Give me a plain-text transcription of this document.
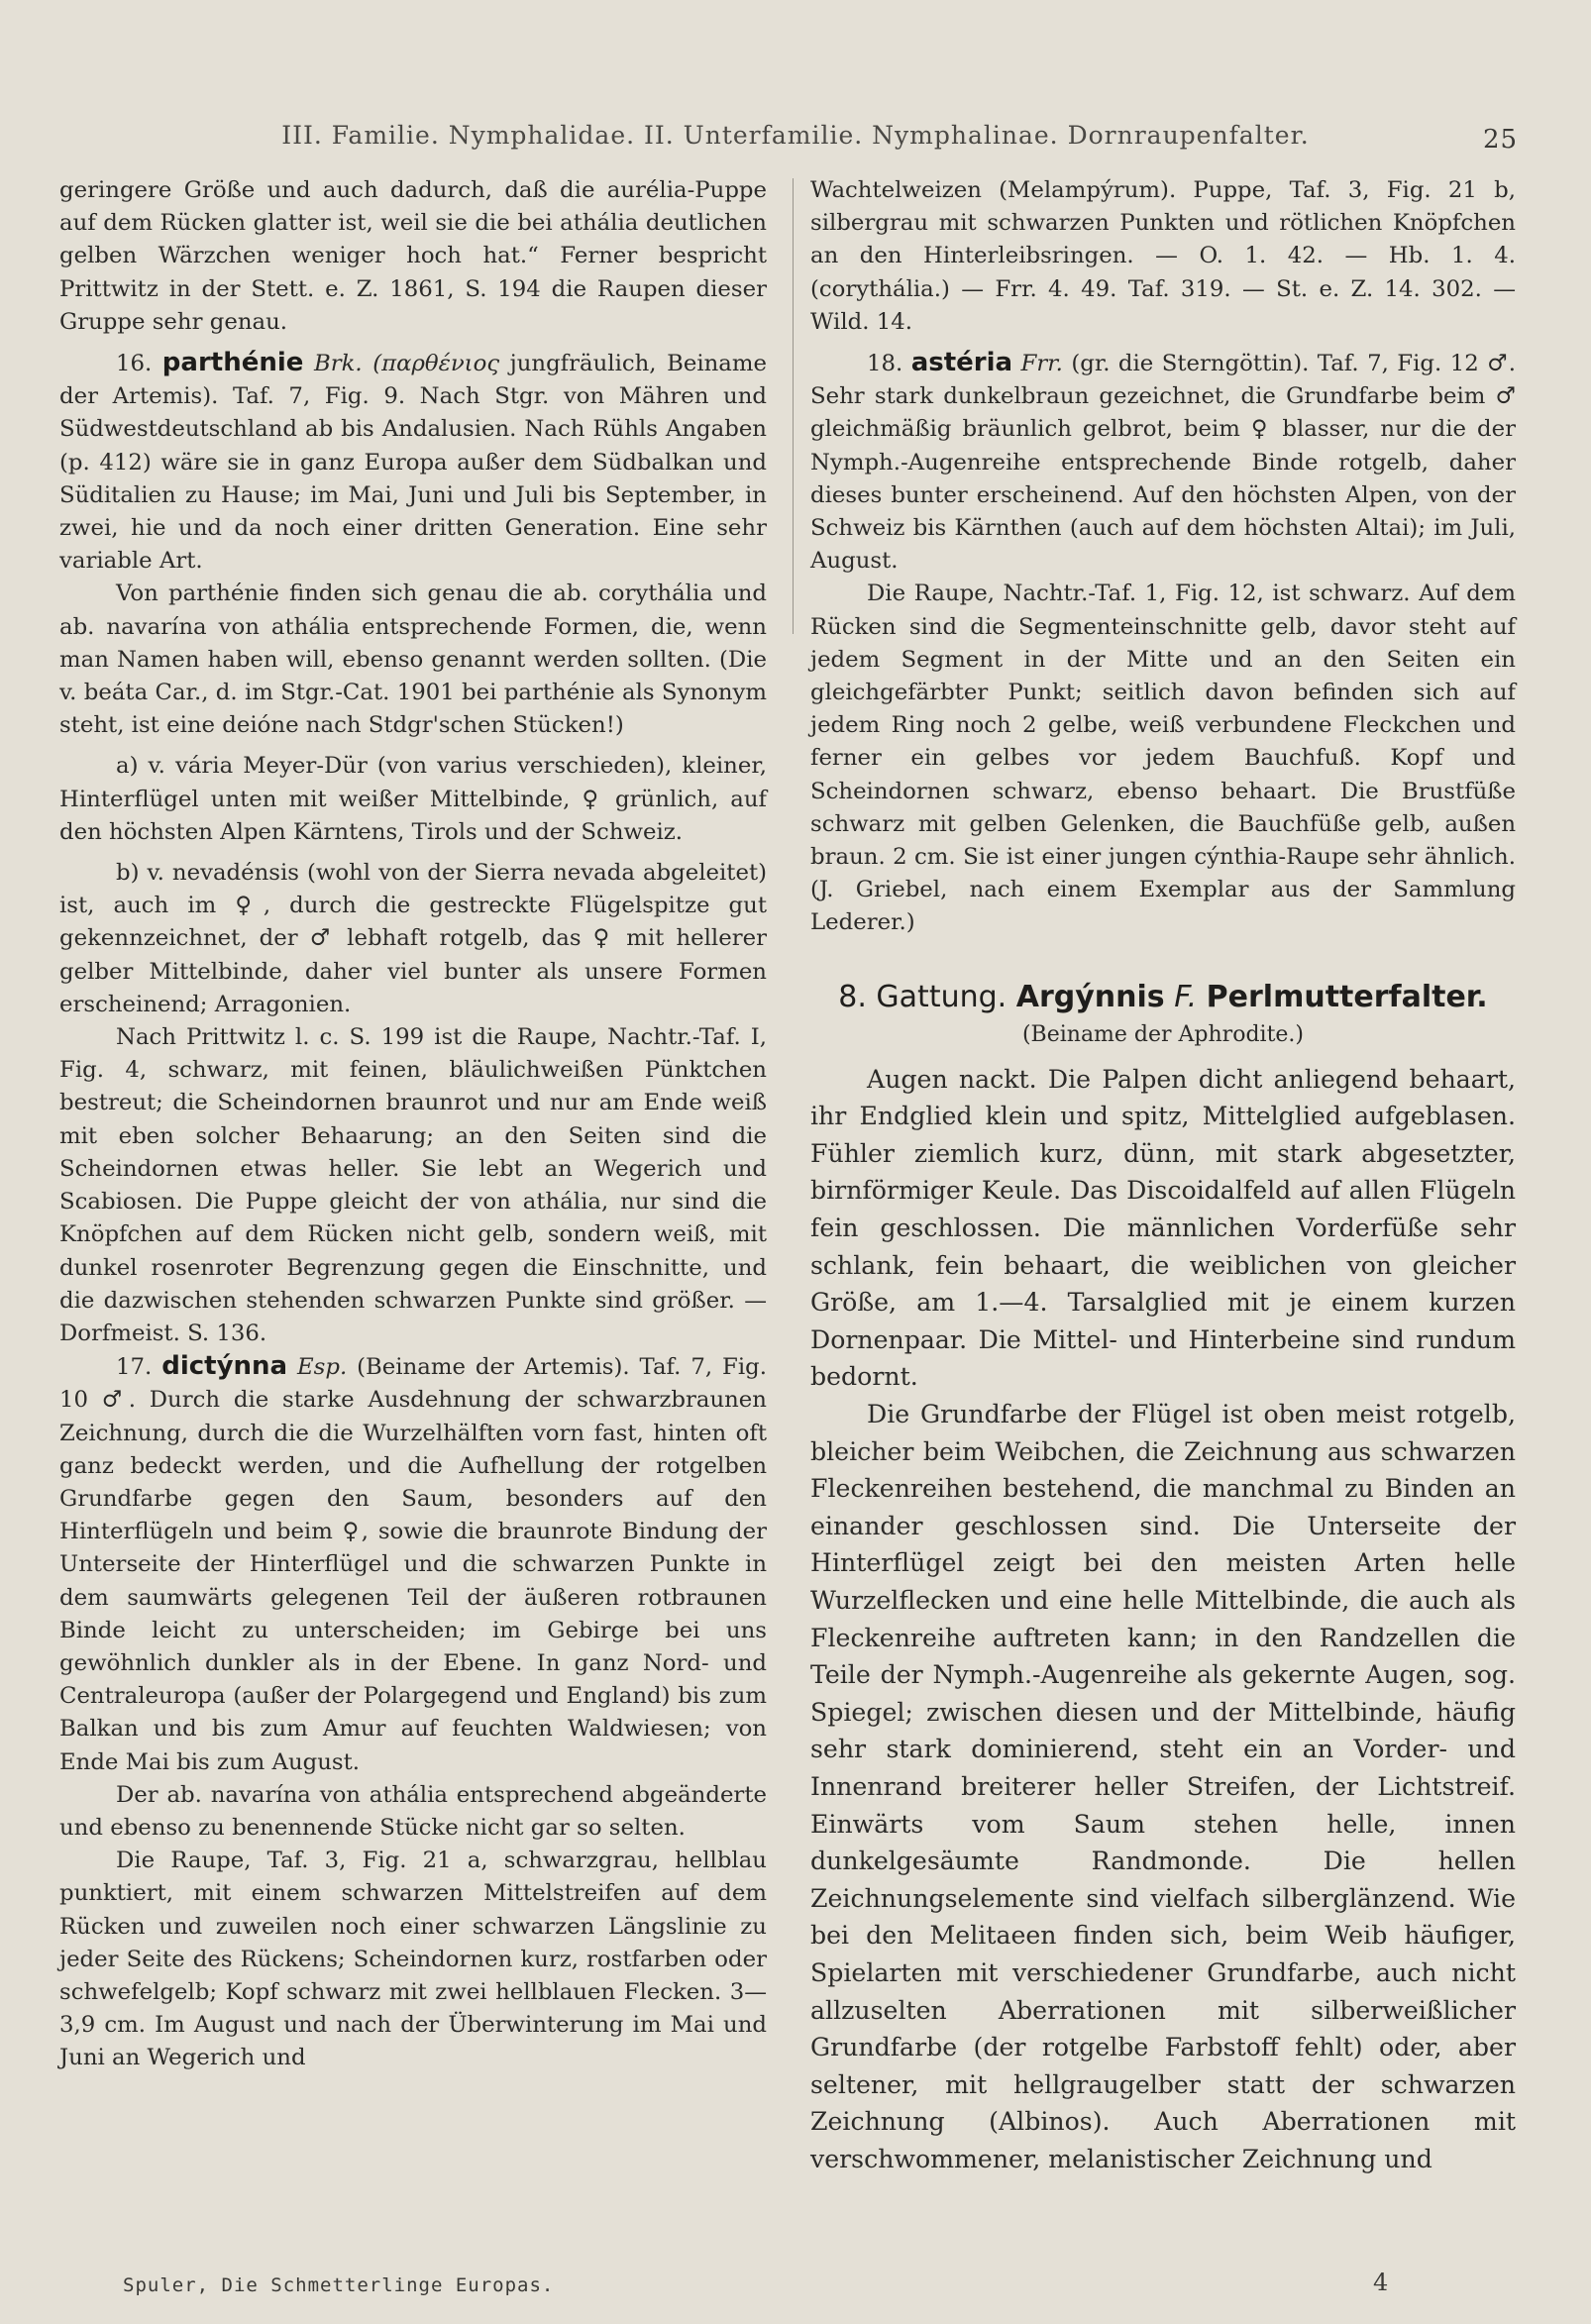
III. Familie. Nymphalidae. II. Unterfamilie. Nymphalinae. Dornraupenfalter.	25

geringere Größe und auch dadurch, daß die aurélia-Puppe auf dem Rücken glatter ist, weil sie die bei athália deutlichen gelben Wärzchen weniger hoch hat.“ Ferner bespricht Prittwitz in der Stett. e. Z. 1861, S. 194 die Raupen dieser Gruppe sehr genau.

16. parthénie Brk. (παρθένιος jungfräulich, Beiname der Artemis). Taf. 7, Fig. 9. Nach Stgr. von Mähren und Südwestdeutschland ab bis Andalusien. Nach Rühls Angaben (p. 412) wäre sie in ganz Europa außer dem Südbalkan und Süditalien zu Hause; im Mai, Juni und Juli bis September, in zwei, hie und da noch einer dritten Generation. Eine sehr variable Art.

Von parthénie finden sich genau die ab. corythália und ab. navarína von athália entsprechende Formen, die, wenn man Namen haben will, ebenso genannt werden sollten. (Die v. beáta Car., d. im Stgr.-Cat. 1901 bei parthénie als Synonym steht, ist eine deióne nach Stdgr'schen Stücken!)

a) v. vária Meyer-Dür (von varius verschieden), kleiner, Hinterflügel unten mit weißer Mittelbinde, ♀ grünlich, auf den höchsten Alpen Kärntens, Tirols und der Schweiz.

b) v. nevadénsis (wohl von der Sierra nevada abgeleitet) ist, auch im ♀, durch die gestreckte Flügelspitze gut gekennzeichnet, der ♂ lebhaft rotgelb, das ♀ mit hellerer gelber Mittelbinde, daher viel bunter als unsere Formen erscheinend; Arragonien.

Nach Prittwitz l. c. S. 199 ist die Raupe, Nachtr.-Taf. I, Fig. 4, schwarz, mit feinen, bläulichweißen Pünktchen bestreut; die Scheindornen braunrot und nur am Ende weiß mit eben solcher Behaarung; an den Seiten sind die Scheindornen etwas heller. Sie lebt an Wegerich und Scabiosen. Die Puppe gleicht der von athália, nur sind die Knöpfchen auf dem Rücken nicht gelb, sondern weiß, mit dunkel rosenroter Begrenzung gegen die Einschnitte, und die dazwischen stehenden schwarzen Punkte sind größer. — Dorfmeist. S. 136.

17. dictýnna Esp. (Beiname der Artemis). Taf. 7, Fig. 10 ♂. Durch die starke Ausdehnung der schwarzbraunen Zeichnung, durch die die Wurzelhälften vorn fast, hinten oft ganz bedeckt werden, und die Aufhellung der rotgelben Grundfarbe gegen den Saum, besonders auf den Hinterflügeln und beim ♀, sowie die braunrote Bindung der Unterseite der Hinterflügel und die schwarzen Punkte in dem saumwärts gelegenen Teil der äußeren rotbraunen Binde leicht zu unterscheiden; im Gebirge bei uns gewöhnlich dunkler als in der Ebene. In ganz Nord- und Centraleuropa (außer der Polargegend und England) bis zum Balkan und bis zum Amur auf feuchten Waldwiesen; von Ende Mai bis zum August.

Der ab. navarína von athália entsprechend abgeänderte und ebenso zu benennende Stücke nicht gar so selten.

Die Raupe, Taf. 3, Fig. 21 a, schwarzgrau, hellblau punktiert, mit einem schwarzen Mittelstreifen auf dem Rücken und zuweilen noch einer schwarzen Längslinie zu jeder Seite des Rückens; Scheindornen kurz, rostfarben oder schwefelgelb; Kopf schwarz mit zwei hellblauen Flecken. 3—3,9 cm. Im August und nach der Überwinterung im Mai und Juni an Wegerich und

Wachtelweizen (Melampýrum). Puppe, Taf. 3, Fig. 21 b, silbergrau mit schwarzen Punkten und rötlichen Knöpfchen an den Hinterleibsringen. — O. 1. 42. — Hb. 1. 4. (corythália.) — Frr. 4. 49. Taf. 319. — St. e. Z. 14. 302. — Wild. 14.

18. astéria Frr. (gr. die Sterngöttin). Taf. 7, Fig. 12 ♂. Sehr stark dunkelbraun gezeichnet, die Grundfarbe beim ♂ gleichmäßig bräunlich gelbrot, beim ♀ blasser, nur die der Nymph.-Augenreihe entsprechende Binde rotgelb, daher dieses bunter erscheinend. Auf den höchsten Alpen, von der Schweiz bis Kärnthen (auch auf dem höchsten Altai); im Juli, August.

Die Raupe, Nachtr.-Taf. 1, Fig. 12, ist schwarz. Auf dem Rücken sind die Segmenteinschnitte gelb, davor steht auf jedem Segment in der Mitte und an den Seiten ein gleichgefärbter Punkt; seitlich davon befinden sich auf jedem Ring noch 2 gelbe, weiß verbundene Fleckchen und ferner ein gelbes vor jedem Bauchfuß. Kopf und Scheindornen schwarz, ebenso behaart. Die Brustfüße schwarz mit gelben Gelenken, die Bauchfüße gelb, außen braun. 2 cm. Sie ist einer jungen cýnthia-Raupe sehr ähnlich. (J. Griebel, nach einem Exemplar aus der Sammlung Lederer.)

8. Gattung. Argýnnis F. Perlmutterfalter.
(Beiname der Aphrodite.)

Augen nackt. Die Palpen dicht anliegend behaart, ihr Endglied klein und spitz, Mittelglied aufgeblasen. Fühler ziemlich kurz, dünn, mit stark abgesetzter, birnförmiger Keule. Das Discoidalfeld auf allen Flügeln fein geschlossen. Die männlichen Vorderfüße sehr schlank, fein behaart, die weiblichen von gleicher Größe, am 1.—4. Tarsalglied mit je einem kurzen Dornenpaar. Die Mittel- und Hinterbeine sind rundum bedornt.

Die Grundfarbe der Flügel ist oben meist rotgelb, bleicher beim Weibchen, die Zeichnung aus schwarzen Fleckenreihen bestehend, die manchmal zu Binden an einander geschlossen sind. Die Unterseite der Hinterflügel zeigt bei den meisten Arten helle Wurzelflecken und eine helle Mittelbinde, die auch als Fleckenreihe auftreten kann; in den Randzellen die Teile der Nymph.-Augenreihe als gekernte Augen, sog. Spiegel; zwischen diesen und der Mittelbinde, häufig sehr stark dominierend, steht ein an Vorder- und Innenrand breiterer heller Streifen, der Lichtstreif. Einwärts vom Saum stehen helle, innen dunkelgesäumte Randmonde. Die hellen Zeichnungselemente sind vielfach silberglänzend. Wie bei den Melitaeen finden sich, beim Weib häufiger, Spielarten mit verschiedener Grundfarbe, auch nicht allzuselten Aberrationen mit silberweißlicher Grundfarbe (der rotgelbe Farbstoff fehlt) oder, aber seltener, mit hellgraugelber statt der schwarzen Zeichnung (Albinos). Auch Aberrationen mit verschwommener, melanistischer Zeichnung und

Spuler, Die Schmetterlinge Europas.	4
